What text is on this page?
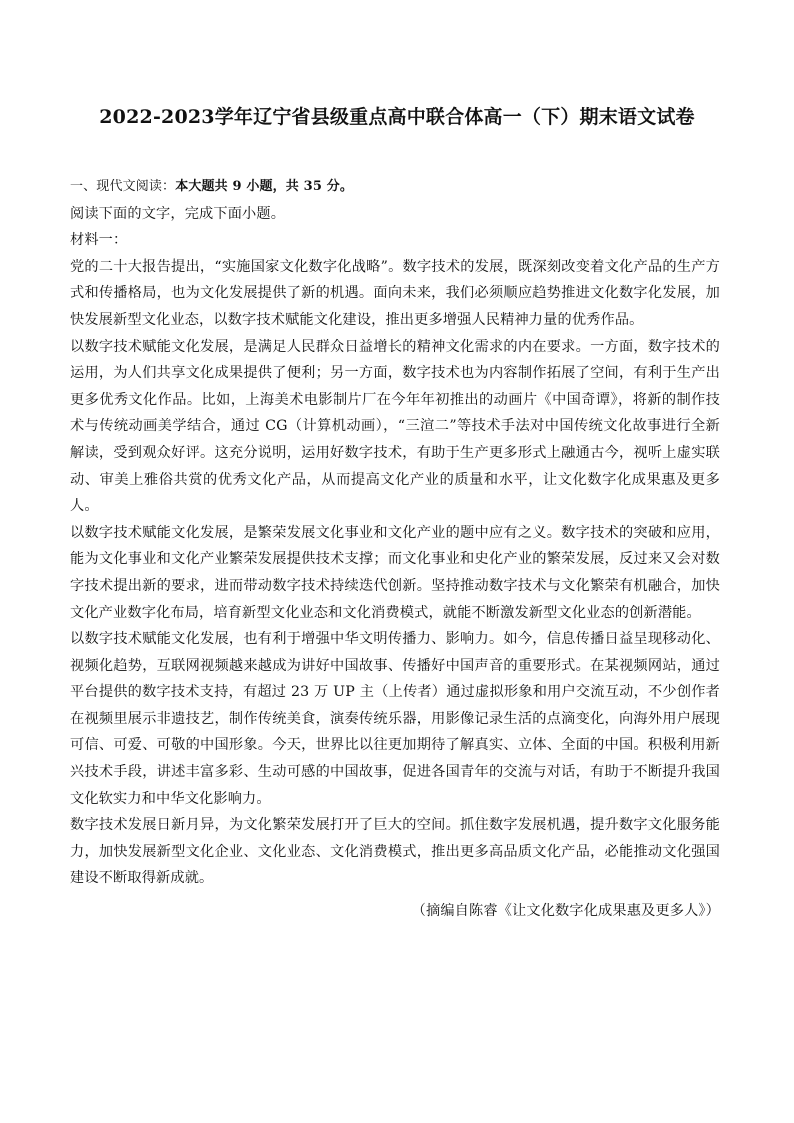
2022-2023学年辽宁省县级重点高中联合体高一（下）期末语文试卷

一、现代文阅读：本大题共 9 小题，共 35 分。

阅读下面的文字，完成下面小题。

材料一：

党的二十大报告提出，“实施国家文化数字化战略”。数字技术的发展，既深刻改变着文化产品的生产方式和传播格局，也为文化发展提供了新的机遇。面向未来，我们必须顺应趋势推进文化数字化发展，加快发展新型文化业态，以数字技术赋能文化建设，推出更多增强人民精神力量的优秀作品。

以数字技术赋能文化发展，是满足人民群众日益增长的精神文化需求的内在要求。一方面，数字技术的运用，为人们共享文化成果提供了便利；另一方面，数字技术也为内容制作拓展了空间，有利于生产出更多优秀文化作品。比如，上海美术电影制片厂在今年年初推出的动画片《中国奇谭》，将新的制作技术与传统动画美学结合，通过 CG（计算机动画），“三渲二”等技术手法对中国传统文化故事进行全新解读，受到观众好评。这充分说明，运用好数字技术，有助于生产更多形式上融通古今，视听上虚实联动、审美上雅俗共赏的优秀文化产品，从而提高文化产业的质量和水平，让文化数字化成果惠及更多人。

以数字技术赋能文化发展，是繁荣发展文化事业和文化产业的题中应有之义。数字技术的突破和应用，能为文化事业和文化产业繁荣发展提供技术支撑；而文化事业和史化产业的繁荣发展，反过来又会对数字技术提出新的要求，进而带动数字技术持续迭代创新。坚持推动数字技术与文化繁荣有机融合，加快文化产业数字化布局，培育新型文化业态和文化消费模式，就能不断激发新型文化业态的创新潜能。

以数字技术赋能文化发展，也有利于增强中华文明传播力、影响力。如今，信息传播日益呈现移动化、视频化趋势，互联网视频越来越成为讲好中国故事、传播好中国声音的重要形式。在某视频网站，通过平台提供的数字技术支持，有超过 23 万 UP 主（上传者）通过虚拟形象和用户交流互动，不少创作者在视频里展示非遗技艺，制作传统美食，演奏传统乐器，用影像记录生活的点滴变化，向海外用户展现可信、可爱、可敬的中国形象。今天，世界比以往更加期待了解真实、立体、全面的中国。积极利用新兴技术手段，讲述丰富多彩、生动可感的中国故事，促进各国青年的交流与对话，有助于不断提升我国文化软实力和中华文化影响力。

数字技术发展日新月异，为文化繁荣发展打开了巨大的空间。抓住数字发展机遇，提升数字文化服务能力，加快发展新型文化企业、文化业态、文化消费模式，推出更多高品质文化产品，必能推动文化强国建设不断取得新成就。

（摘编自陈睿《让文化数字化成果惠及更多人》）
